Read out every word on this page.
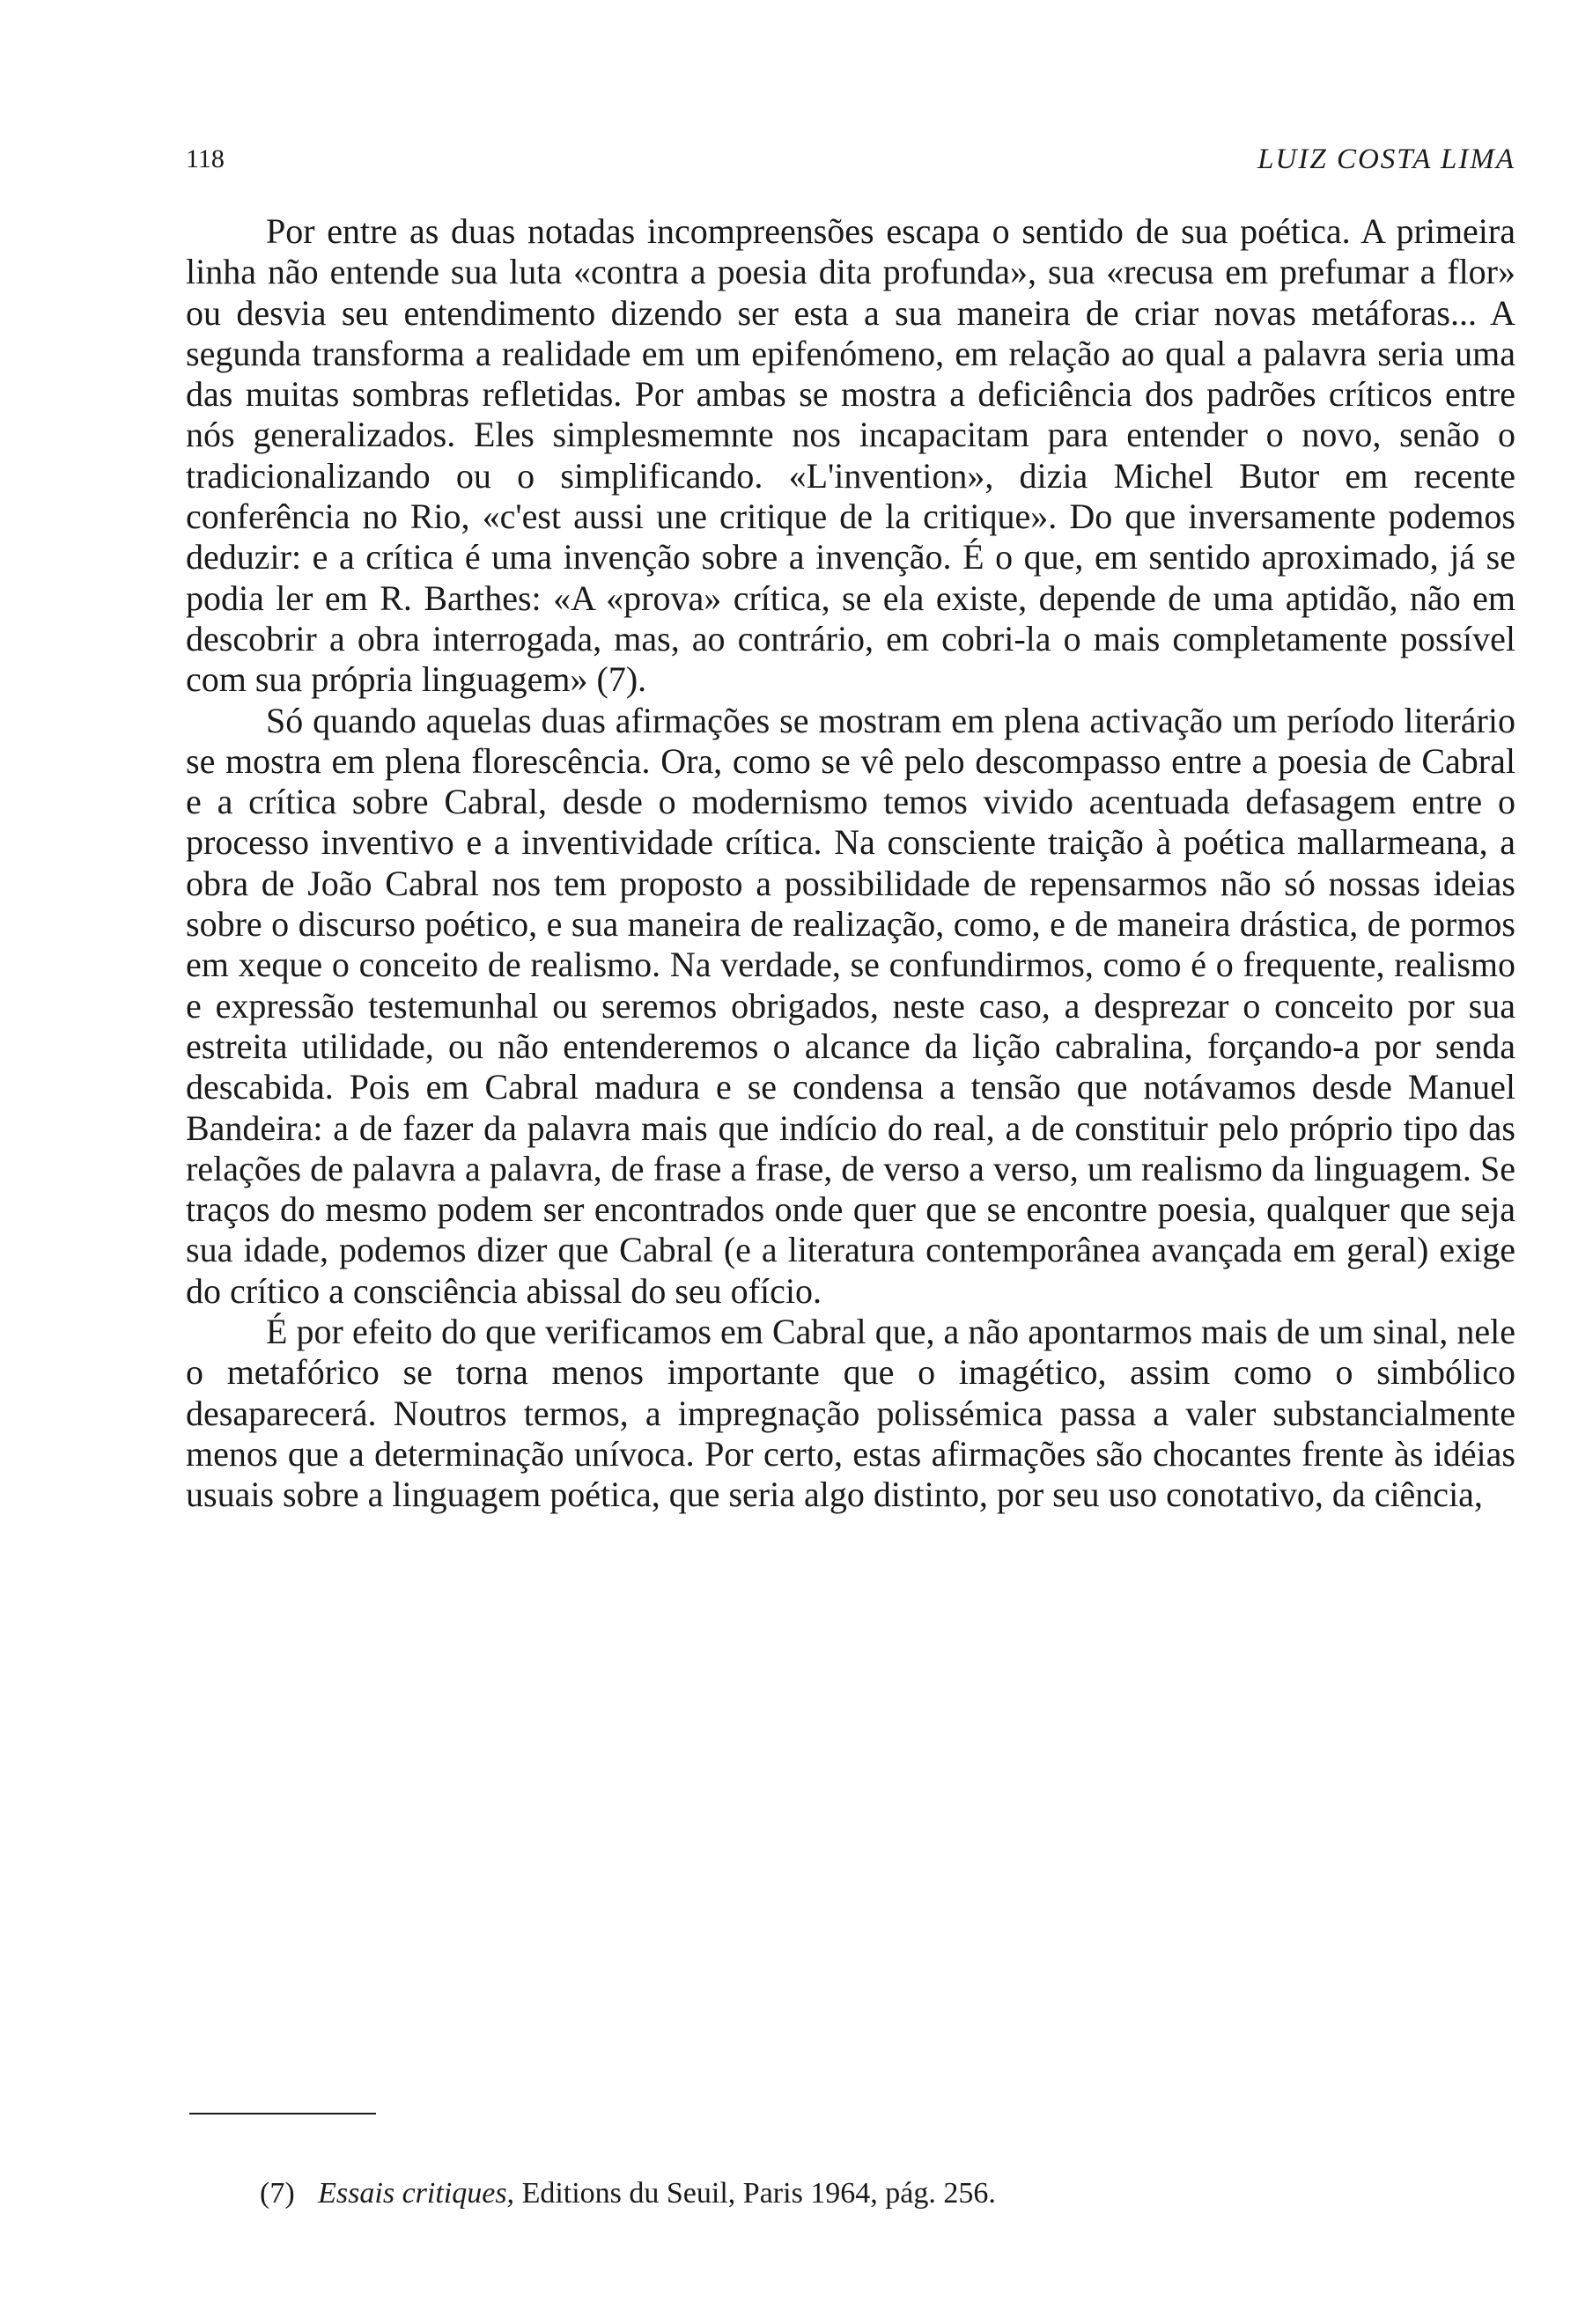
118	LUIZ COSTA LIMA

Por entre as duas notadas incompreensões escapa o sentido de sua poética. A primeira linha não entende sua luta «contra a poesia dita profunda», sua «recusa em prefumar a flor» ou desvia seu entendimento dizendo ser esta a sua maneira de criar novas metáforas... A segunda transforma a realidade em um epifenómeno, em relação ao qual a palavra seria uma das muitas sombras refletidas. Por ambas se mostra a deficiência dos padrões críticos entre nós generalizados. Eles simplesmemnte nos incapacitam para entender o novo, senão o tradicionalizando ou o simplificando. «L'invention», dizia Michel Butor em recente conferência no Rio, «c'est aussi une critique de la critique». Do que inversamente podemos deduzir: e a crítica é uma invenção sobre a invenção. É o que, em sentido aproximado, já se podia ler em R. Barthes: «A «prova» crítica, se ela existe, depende de uma aptidão, não em descobrir a obra interrogada, mas, ao contrário, em cobri-la o mais completamente possível com sua própria linguagem» (7).

Só quando aquelas duas afirmações se mostram em plena activação um período literário se mostra em plena florescência. Ora, como se vê pelo descompasso entre a poesia de Cabral e a crítica sobre Cabral, desde o modernismo temos vivido acentuada defasagem entre o processo inventivo e a inventividade crítica. Na consciente traição à poética mallarmeana, a obra de João Cabral nos tem proposto a possibilidade de repensarmos não só nossas ideias sobre o discurso poético, e sua maneira de realização, como, e de maneira drástica, de pormos em xeque o conceito de realismo. Na verdade, se confundirmos, como é o frequente, realismo e expressão testemunhal ou seremos obrigados, neste caso, a desprezar o conceito por sua estreita utilidade, ou não entenderemos o alcance da lição cabralina, forçando-a por senda descabida. Pois em Cabral madura e se condensa a tensão que notávamos desde Manuel Bandeira: a de fazer da palavra mais que indício do real, a de constituir pelo próprio tipo das relações de palavra a palavra, de frase a frase, de verso a verso, um realismo da linguagem. Se traços do mesmo podem ser encontrados onde quer que se encontre poesia, qualquer que seja sua idade, podemos dizer que Cabral (e a literatura contemporânea avançada em geral) exige do crítico a consciência abissal do seu ofício.

É por efeito do que verificamos em Cabral que, a não apontarmos mais de um sinal, nele o metafórico se torna menos importante que o imagético, assim como o simbólico desaparecerá. Noutros termos, a impregnação polissémica passa a valer substancialmente menos que a determinação unívoca. Por certo, estas afirmações são chocantes frente às idéias usuais sobre a linguagem poética, que seria algo distinto, por seu uso conotativo, da ciência,

(7) Essais critiques, Editions du Seuil, Paris 1964, pág. 256.
